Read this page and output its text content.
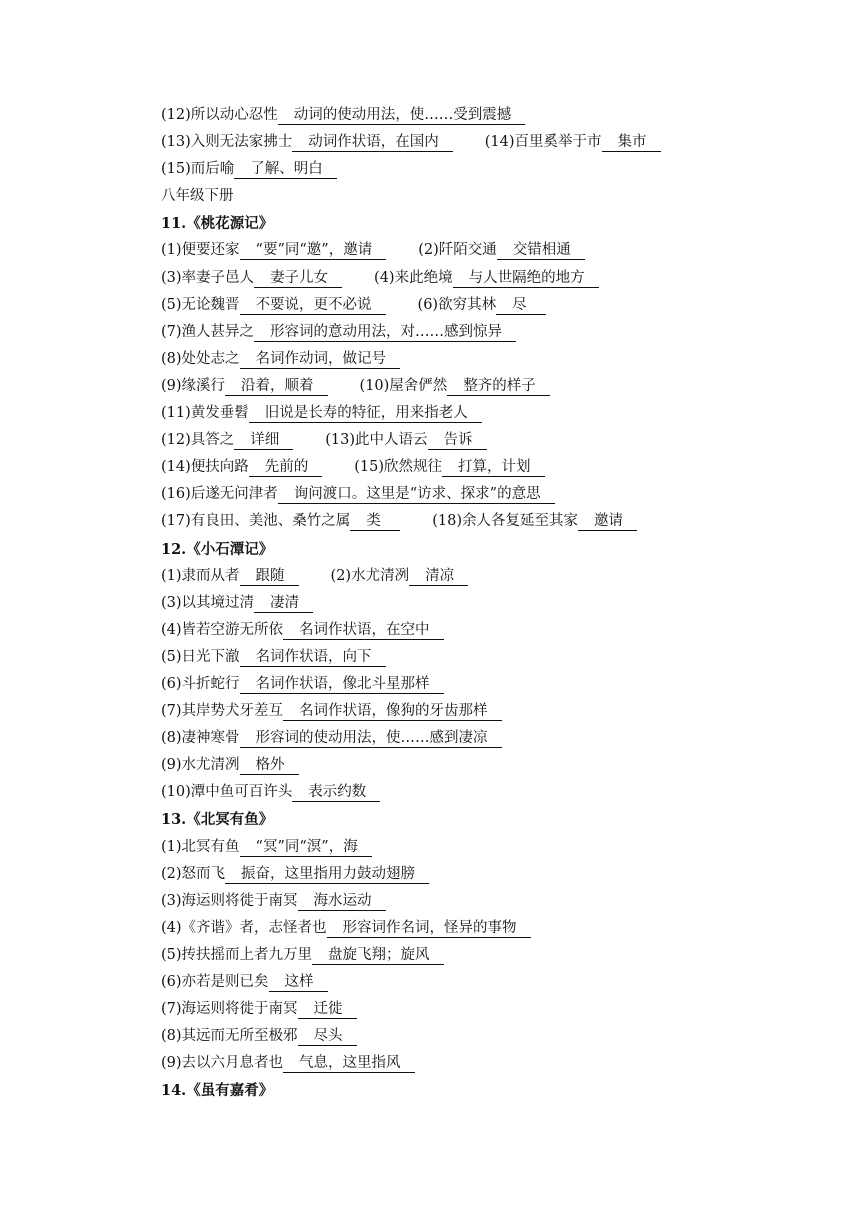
(12)所以动心忍性 动词的使动用法，使……受到震撼
(13)入则无法家拂士 动词作状语，在国内	(14)百里奚举于市 集市
(15)而后喻 了解、明白
八年级下册
11.《桃花源记》
(1)便要还家 “要”同“邀”，邀请	(2)阡陌交通 交错相通
(3)率妻子邑人 妻子儿女	(4)来此绝境 与人世隔绝的地方
(5)无论魏晋 不要说，更不必说	(6)欲穷其林 尽
(7)渔人甚异之 形容词的意动用法，对……感到惊异
(8)处处志之 名词作动词，做记号
(9)缘溪行 沿着，顺着	(10)屋舍俨然 整齐的样子
(11)黄发垂髫 旧说是长寿的特征，用来指老人
(12)具答之 详细	(13)此中人语云 告诉
(14)便扶向路 先前的	(15)欣然规往 打算，计划
(16)后遂无问津者 询问渡口。这里是“访求、探求”的意思
(17)有良田、美池、桑竹之属 类	(18)余人各复延至其家 邀请
12.《小石潭记》
(1)隶而从者 跟随	(2)水尤清冽 清凉
(3)以其境过清 凄清
(4)皆若空游无所依 名词作状语，在空中
(5)日光下澈 名词作状语，向下
(6)斗折蛇行 名词作状语，像北斗星那样
(7)其岸势犬牙差互 名词作状语，像狗的牙齿那样
(8)凄神寒骨 形容词的使动用法，使……感到凄凉
(9)水尤清冽 格外
(10)潭中鱼可百许头 表示约数
13.《北冥有鱼》
(1)北冥有鱼 “冥”同“溟”，海
(2)怒而飞 振奋，这里指用力鼓动翅膀
(3)海运则将徙于南冥 海水运动
(4)《齐谐》者，志怪者也 形容词作名词，怪异的事物
(5)抟扶摇而上者九万里 盘旋飞翔；旋风
(6)亦若是则已矣 这样
(7)海运则将徙于南冥 迁徙
(8)其远而无所至极邪 尽头
(9)去以六月息者也 气息，这里指风
14.《虽有嘉肴》
